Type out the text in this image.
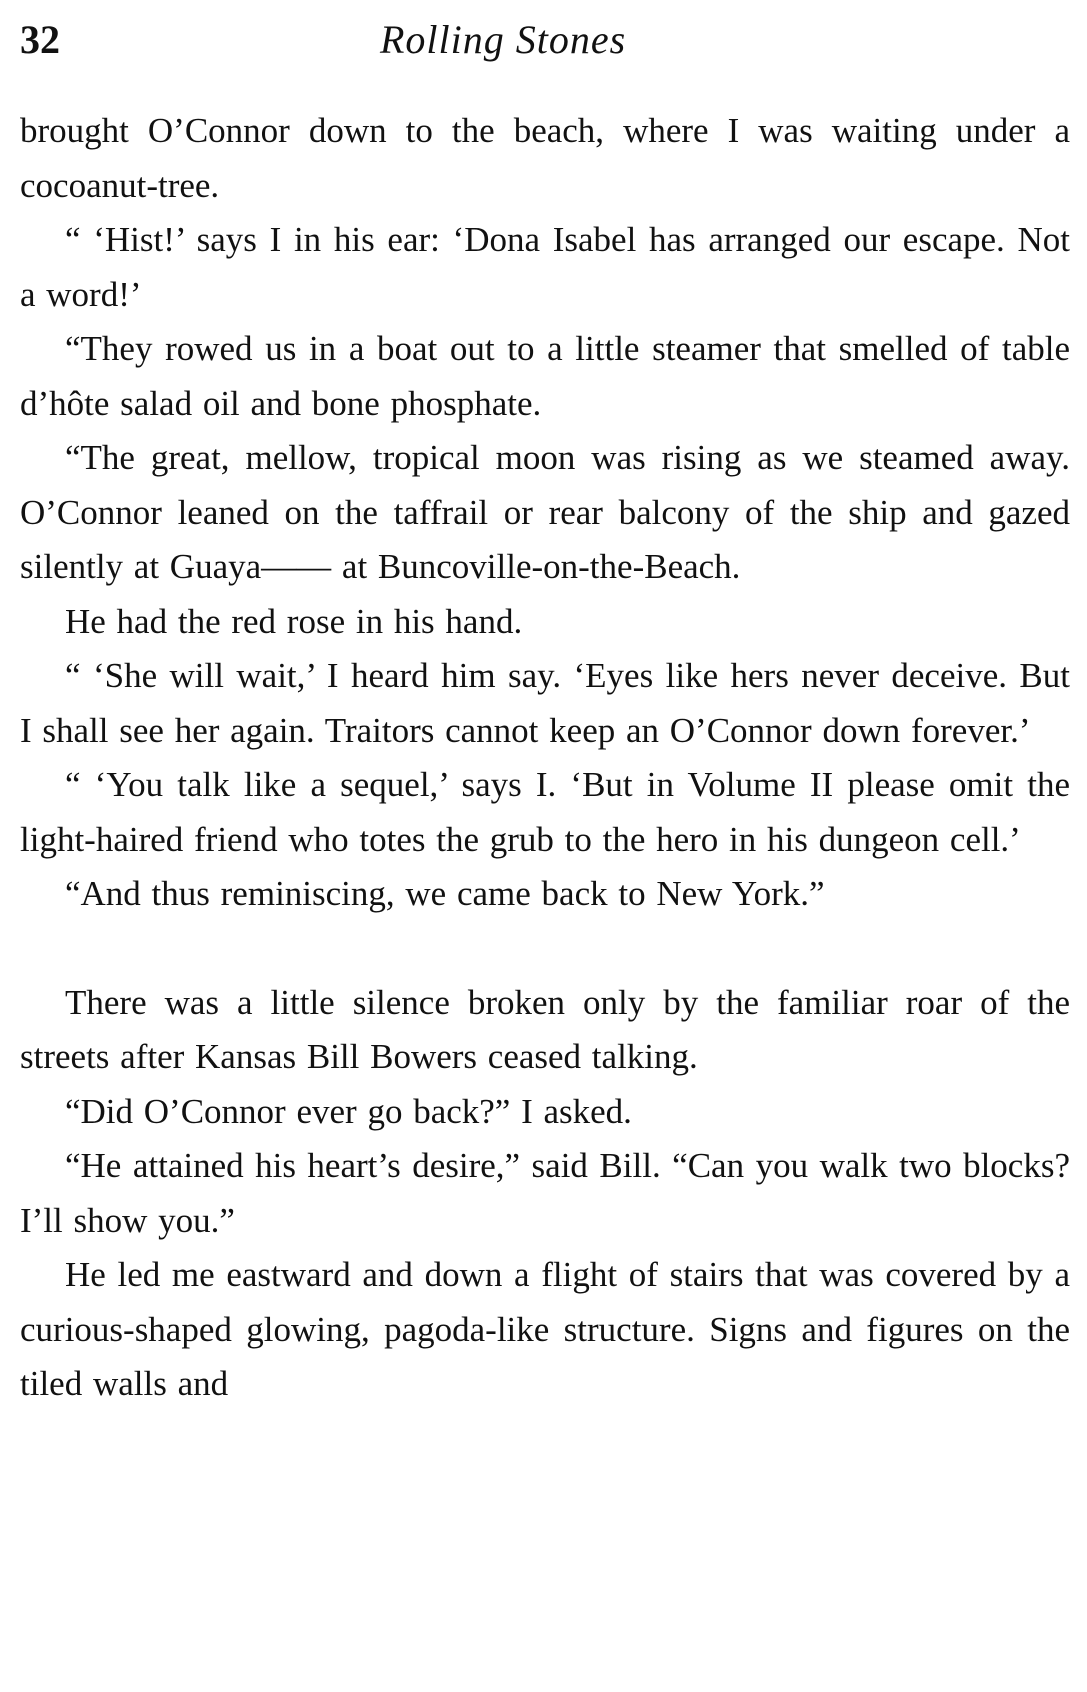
32	Rolling Stones

brought O’Connor down to the beach, where I was waiting under a cocoanut-tree.

“ ‘Hist!’ says I in his ear: ‘Dona Isabel has arranged our escape. Not a word!’

“They rowed us in a boat out to a little steamer that smelled of table d’hôte salad oil and bone phosphate.

“The great, mellow, tropical moon was rising as we steamed away. O’Connor leaned on the taffrail or rear balcony of the ship and gazed silently at Guaya—— at Buncoville-on-the-Beach.

He had the red rose in his hand.

“ ‘She will wait,’ I heard him say. ‘Eyes like hers never deceive. But I shall see her again. Traitors cannot keep an O’Connor down forever.’

“ ‘You talk like a sequel,’ says I. ‘But in Volume II please omit the light-haired friend who totes the grub to the hero in his dungeon cell.’

“And thus reminiscing, we came back to New York.”

There was a little silence broken only by the familiar roar of the streets after Kansas Bill Bowers ceased talking.

“Did O’Connor ever go back?” I asked.

“He attained his heart’s desire,” said Bill. “Can you walk two blocks? I’ll show you.”

He led me eastward and down a flight of stairs that was covered by a curious-shaped glowing, pagoda-like structure. Signs and figures on the tiled walls and
